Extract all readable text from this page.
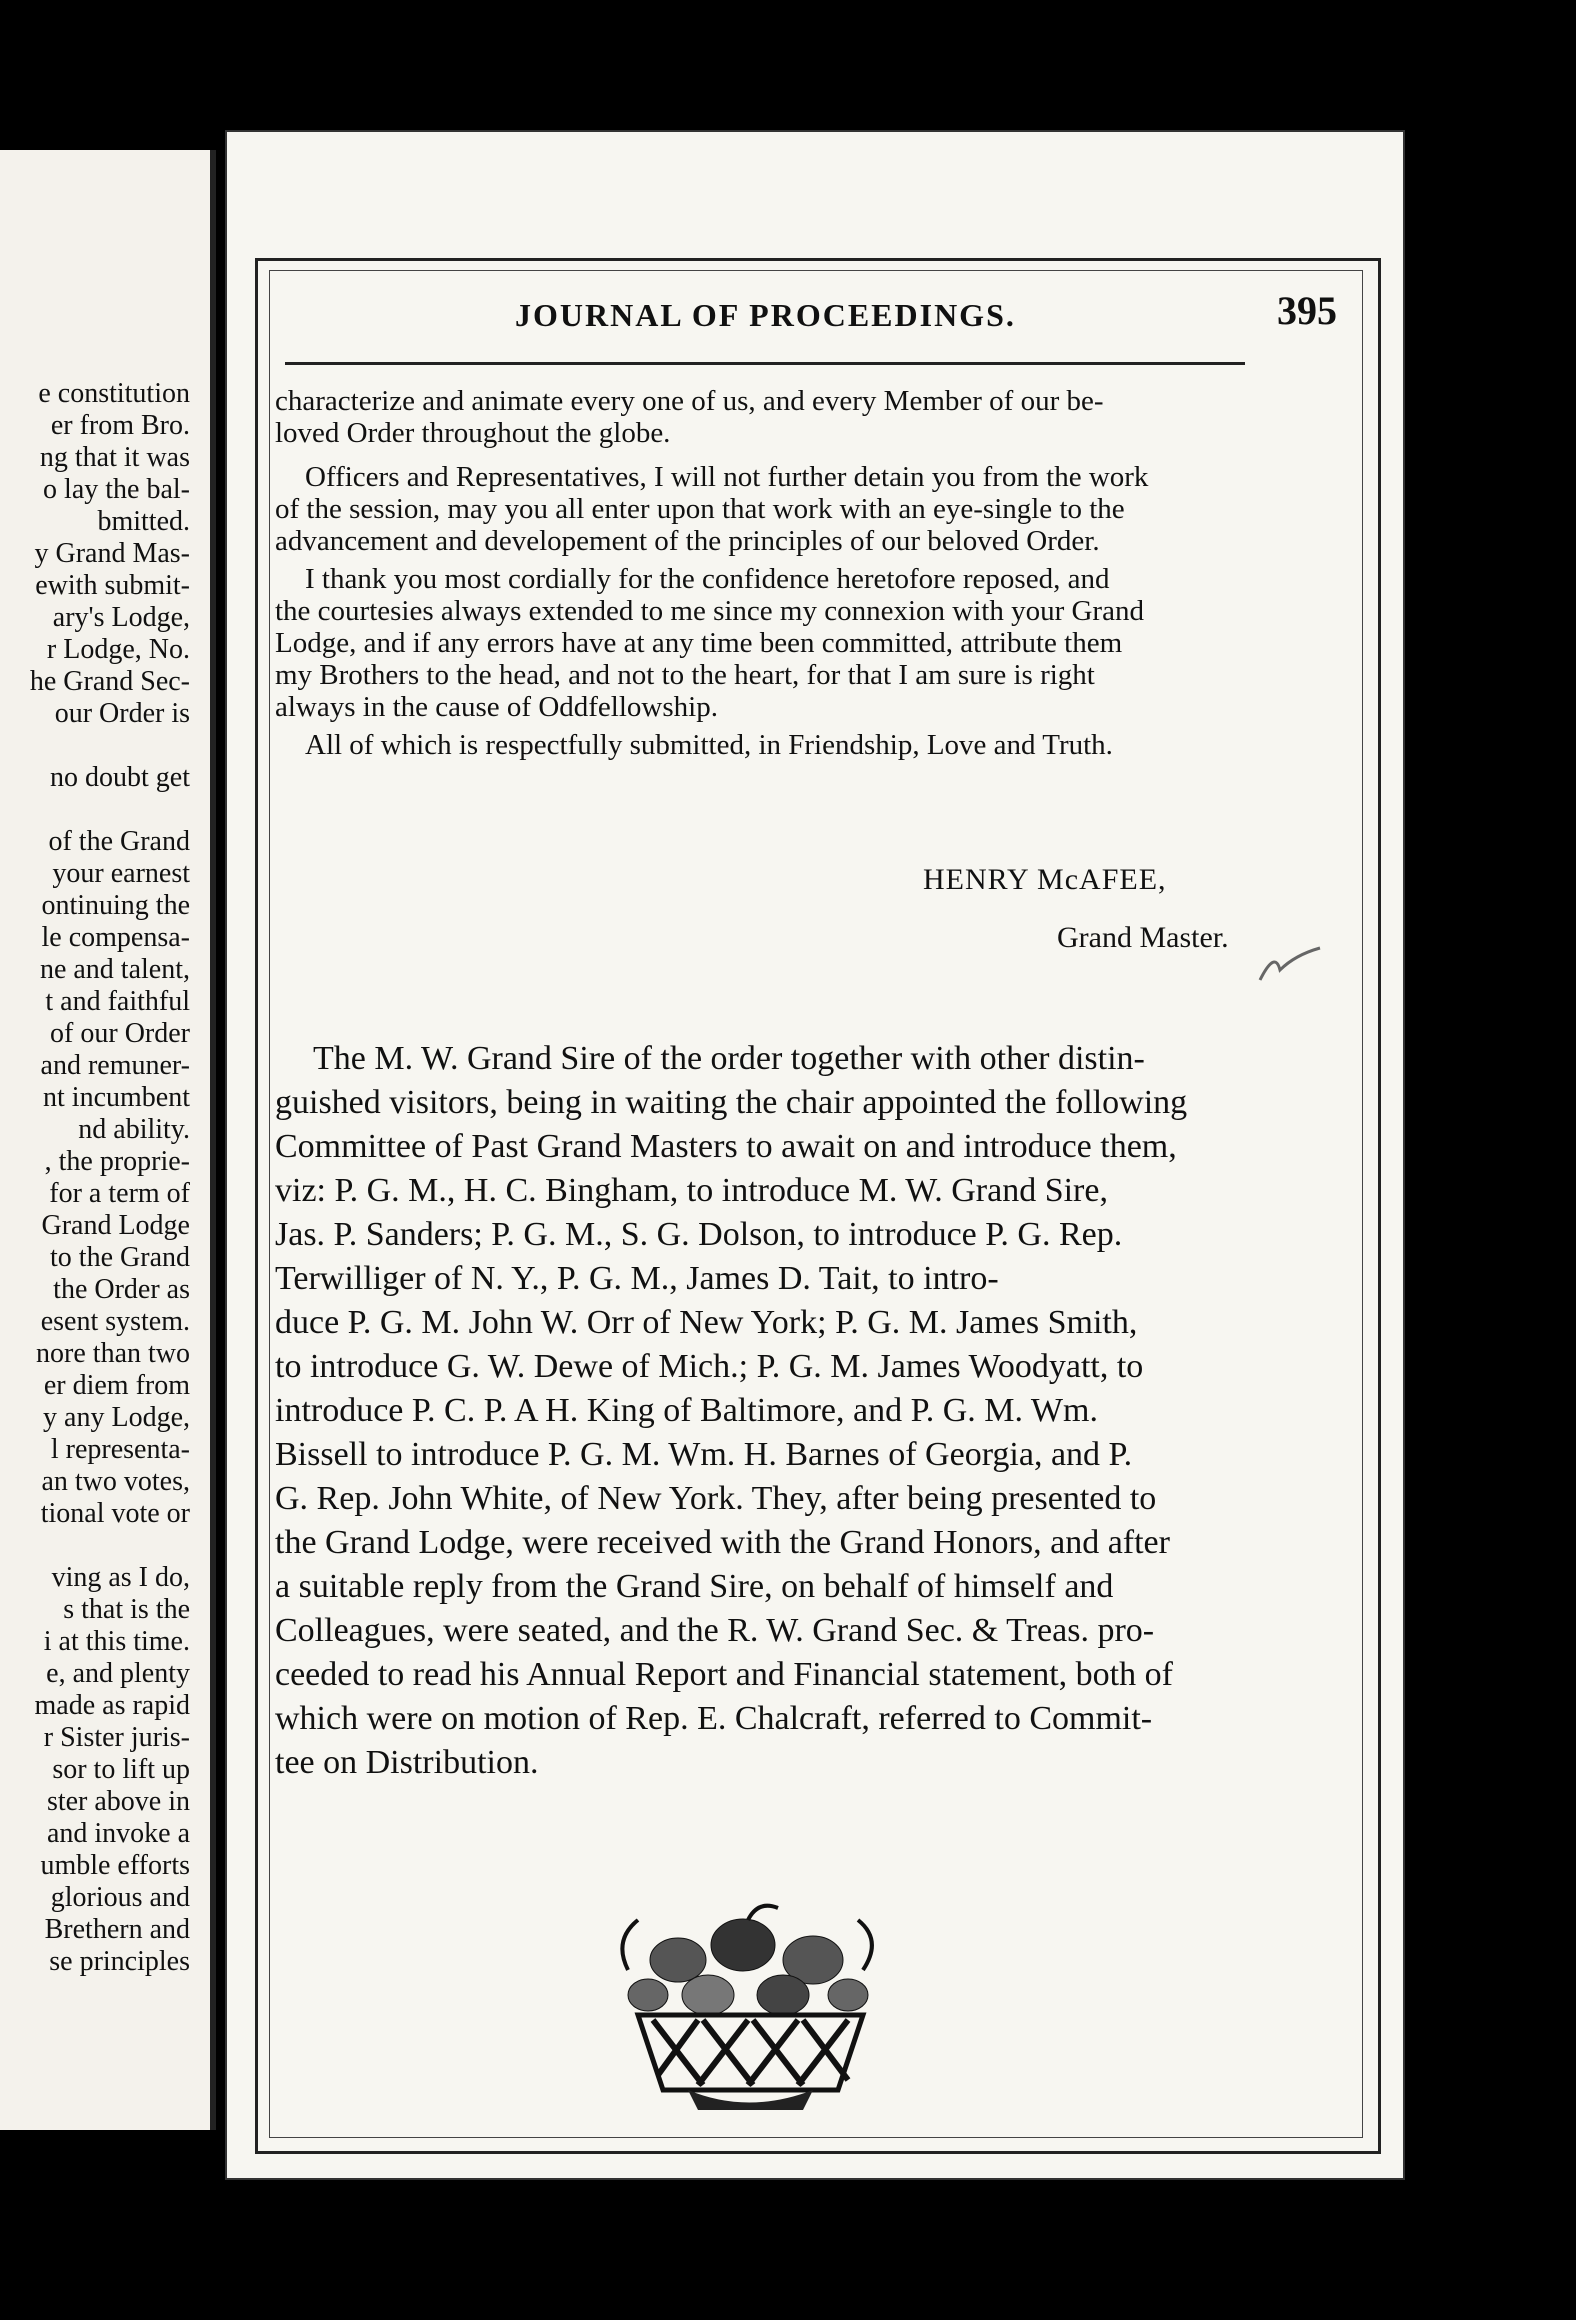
e constitution
er from Bro.
ng that it was
o lay the bal-
bmitted.
y Grand Mas-
ewith submit-
ary's Lodge,
r Lodge, No.
he Grand Sec-
our Order is
no doubt get
of the Grand
your earnest
ontinuing the
le compensa-
ne and talent,
t and faithful
of our Order
and remuner-
nt incumbent
nd ability.
, the proprie-
for a term of
Grand Lodge
to the Grand
the Order as
esent system.
nore than two
er diem from
y any Lodge,
l representa-
an two votes,
tional vote or
ving as I do,
s that is the
i at this time.
e, and plenty
made as rapid
r Sister juris-
sor to lift up
ster above in
and invoke a
umble efforts
glorious and
Brethern and
se principles
JOURNAL OF PROCEEDINGS.	395
characterize and animate every one of us, and every Member of our be-
loved Order throughout the globe.
Officers and Representatives, I will not further detain you from the work
of the session, may you all enter upon that work with an eye-single to the
advancement and developement of the principles of our beloved Order.
I thank you most cordially for the confidence heretofore reposed, and
the courtesies always extended to me since my connexion with your Grand
Lodge, and if any errors have at any time been committed, attribute them
my Brothers to the head, and not to the heart, for that I am sure is right
always in the cause of Oddfellowship.
All of which is respectfully submitted, in Friendship, Love and Truth.
HENRY McAFEE,
Grand Master.
The M. W. Grand Sire of the order together with other distin-
guished visitors, being in waiting the chair appointed the following
Committee of Past Grand Masters to await on and introduce them,
viz: P. G. M., H. C. Bingham, to introduce M. W. Grand Sire,
Jas. P. Sanders; P. G. M., S. G. Dolson, to introduce P. G. Rep.
Terwilliger of N. Y., P. G. M., James D. Tait, to intro-
duce P. G. M. John W. Orr of New York; P. G. M. James Smith,
to introduce G. W. Dewe of Mich.; P. G. M. James Woodyatt, to
introduce P. C. P. A H. King of Baltimore, and P. G. M. Wm.
Bissell to introduce P. G. M. Wm. H. Barnes of Georgia, and P.
G. Rep. John White, of New York. They, after being presented to
the Grand Lodge, were received with the Grand Honors, and after
a suitable reply from the Grand Sire, on behalf of himself and
Colleagues, were seated, and the R. W. Grand Sec. & Treas. pro-
ceeded to read his Annual Report and Financial statement, both of
which were on motion of Rep. E. Chalcraft, referred to Commit-
tee on Distribution.
